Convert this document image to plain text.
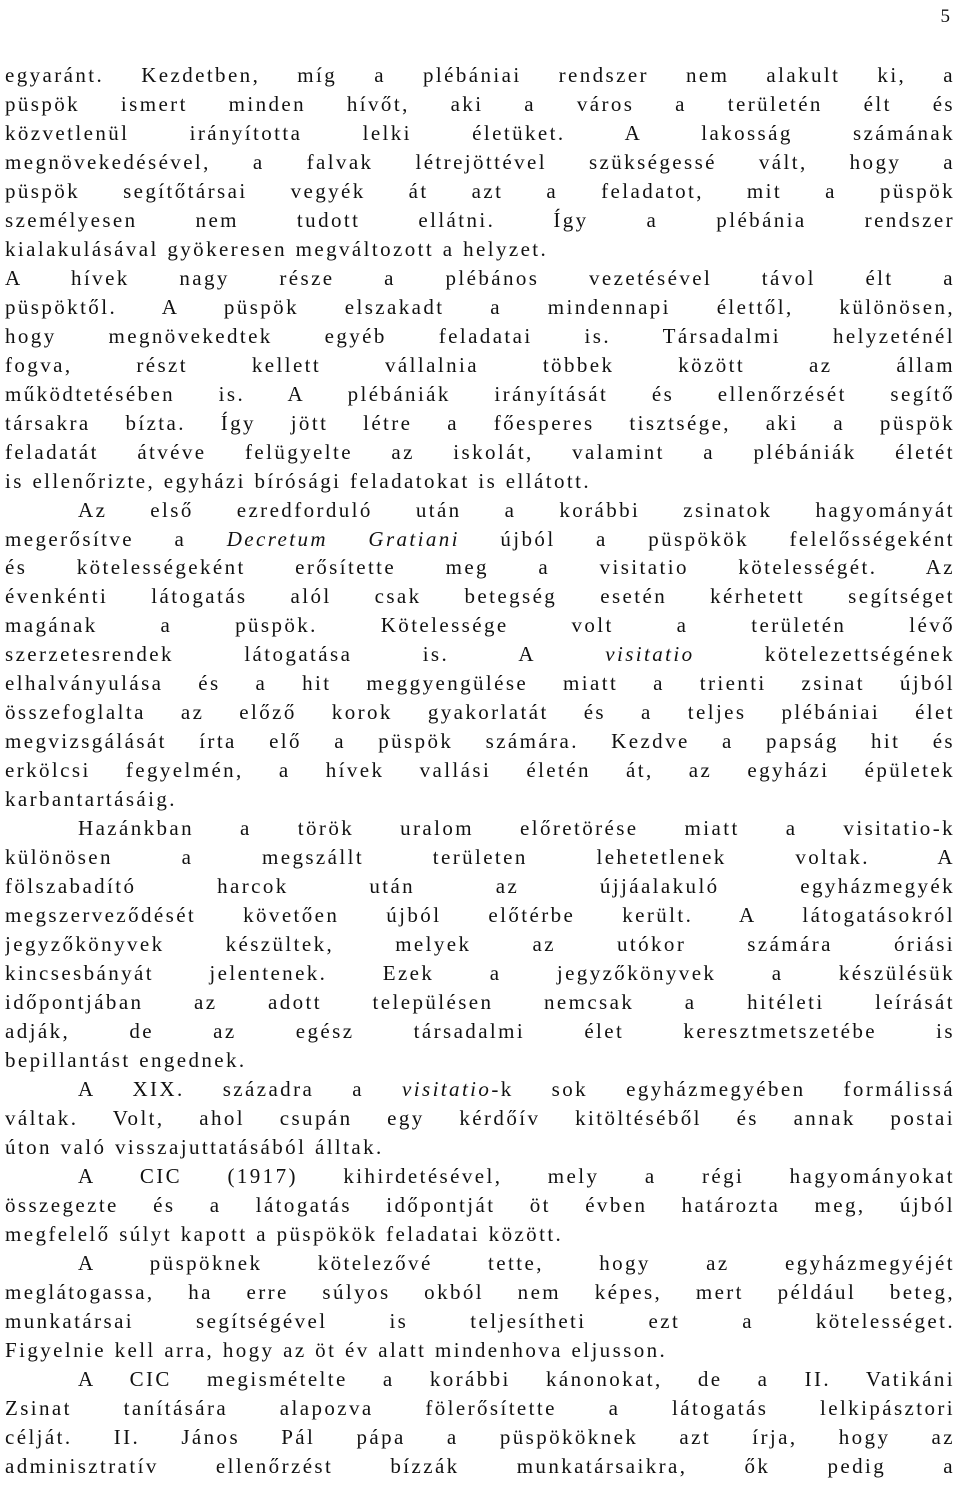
5
egyaránt. Kezdetben, míg a plébániai rendszer nem alakult ki, a
püspök ismert minden hívőt, aki a város a területén élt és
közvetlenül irányította lelki életüket. A lakosság számának
megnövekedésével, a falvak létrejöttével szükségessé vált, hogy a
püspök segítőtársai vegyék át azt a feladatot, mit a püspök
személyesen nem tudott ellátni. Így a plébánia rendszer
kialakulásával gyökeresen megváltozott a helyzet.
A hívek nagy része a plébános vezetésével távol élt a
püspöktől. A püspök elszakadt a mindennapi élettől, különösen,
hogy megnövekedtek egyéb feladatai is. Társadalmi helyzeténél
fogva, részt kellett vállalnia többek között az állam
működtetésében is. A plébániák irányítását és ellenőrzését segítő
társakra bízta. Így jött létre a főesperes tisztsége, aki a püspök
feladatát átvéve felügyelte az iskolát, valamint a plébániák életét
is ellenőrizte, egyházi bírósági feladatokat is ellátott.
Az első ezredforduló után a korábbi zsinatok hagyományát
megerősítve a Decretum Gratiani újból a püspökök felelősségeként
és kötelességeként erősítette meg a visitatio kötelességét. Az
évenkénti látogatás alól csak betegség esetén kérhetett segítséget
magának a püspök. Kötelessége volt a területén lévő
szerzetesrendek látogatása is. A visitatio kötelezettségének
elhalványulása és a hit meggyengülése miatt a trienti zsinat újból
összefoglalta az előző korok gyakorlatát és a teljes plébániai élet
megvizsgálását írta elő a püspök számára. Kezdve a papság hit és
erkölcsi fegyelmén, a hívek vallási életén át, az egyházi épületek
karbantartásáig.
Hazánkban a török uralom előretörése miatt a visitatio-k
különösen a megszállt területen lehetetlenek voltak. A
fölszabadító harcok után az újjáalakuló egyházmegyék
megszerveződését követően újból előtérbe került. A látogatásokról
jegyzőkönyvek készültek, melyek az utókor számára óriási
kincsesbányát jelentenek. Ezek a jegyzőkönyvek a készülésük
időpontjában az adott településen nemcsak a hitéleti leírását
adják, de az egész társadalmi élet keresztmetszetébe is
bepillantást engednek.
A XIX. századra a visitatio-k sok egyházmegyében formálissá
váltak. Volt, ahol csupán egy kérdőív kitöltéséből és annak postai
úton való visszajuttatásából álltak.
A CIC (1917) kihirdetésével, mely a régi hagyományokat
összegezte és a látogatás időpontját öt évben határozta meg, újból
megfelelő súlyt kapott a püspökök feladatai között.
A püspöknek kötelezővé tette, hogy az egyházmegyéjét
meglátogassa, ha erre súlyos okból nem képes, mert például beteg,
munkatársai segítségével is teljesítheti ezt a kötelességet.
Figyelnie kell arra, hogy az öt év alatt mindenhova eljusson.
A CIC megismételte a korábbi kánonokat, de a II. Vatikáni
Zsinat tanítására alapozva fölerősítette a látogatás lelkipásztori
célját. II. János Pál pápa a püspököknek azt írja, hogy az
adminisztratív ellenőrzést bízzák munkatársaikra, ők pedig a
